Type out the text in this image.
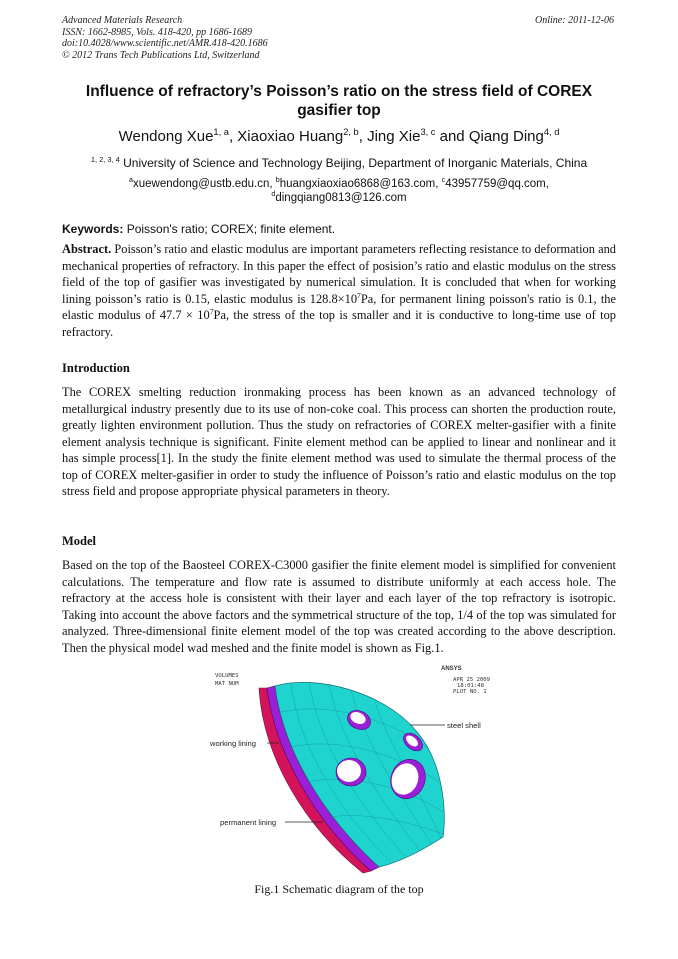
Advanced Materials Research
ISSN: 1662-8985, Vols. 418-420, pp 1686-1689
doi:10.4028/www.scientific.net/AMR.418-420.1686
© 2012 Trans Tech Publications Ltd, Switzerland
Online: 2011-12-06
Influence of refractory’s Poisson’s ratio on the stress field of COREX gasifier top
Wendong Xue$^{1, a}$, Xiaoxiao Huang$^{2, b}$, Jing Xie$^{3, c}$ and Qiang Ding$^{4, d}$
$^{1, 2, 3, 4}$ University of Science and Technology Beijing, Department of Inorganic Materials, China
$^a$xuewendong@ustb.edu.cn, $^b$huangxiaoxiao6868@163.com, $^c$43957759@qq.com,
$^d$dingqiang0813@126.com
Keywords: Poisson's ratio; COREX; finite element.
Abstract. Poisson’s ratio and elastic modulus are important parameters reflecting resistance to deformation and mechanical properties of refractory. In this paper the effect of posision’s ratio and elastic modulus on the stress field of the top of gasifier was investigated by numerical simulation. It is concluded that when for working lining poisson’s ratio is 0.15, elastic modulus is $128.8\times 10^7Pa$, for permanent lining poisson's ratio is 0.1, the elastic modulus of $47.7 \times 10^7Pa$, the stress of the top is smaller and it is conductive to long-time use of top refractory.
Introduction
The COREX smelting reduction ironmaking process has been known as an advanced technology of metallurgical industry presently due to its use of non-coke coal. This process can shorten the production route, greatly lighten environment pollution. Thus the study on refractories of COREX melter-gasifier with a finite element analysis technique is significant. Finite element method can be applied to linear and nonlinear and it has simple process[1]. In the study the finite element method was used to simulate the thermal process of the top of COREX melter-gasifier in order to study the influence of Poisson’s ratio and elastic modulus on the top stress field and propose appropriate physical parameters in theory.
Model
Based on the top of the Baosteel COREX-C3000 gasifier the finite element model is simplified for convenient calculations. The temperature and flow rate is assumed to distribute uniformly at each access hole. The refractory at the access hole is consistent with their layer and each layer of the top refractory is isotropic. Taking into account the above factors and the symmetrical structure of the top, 1/4 of the top was simulated for analyzed. Three-dimensional finite element model of the top was created according to the above description. Then the physical model wad meshed and the finite model is shown as Fig.1.
VOLUMES
MAT NUM
ANSYS
APR 25 2009
18:01:48
PLOT NO. 1
steel shell
working lining
permanent lining
Fig.1 Schematic diagram of the top
